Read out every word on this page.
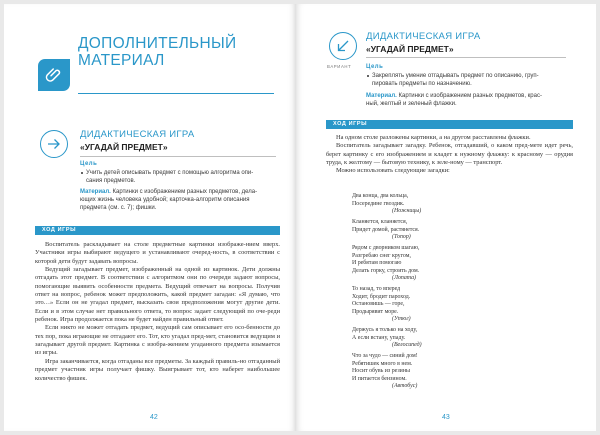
ДОПОЛНИТЕЛЬНЫЙ
МАТЕРИАЛ
ДИДАКТИЧЕСКАЯ ИГРА
«УГАДАЙ ПРЕДМЕТ»
Цель
Учить детей описывать предмет с помощью алгоритма опи-
сания предметов.
Материал. Картинки с изображением разных предметов, дела-
ющих жизнь человека удобной; карточка-алгоритм описания
предмета (см. с. 7); фишки.
ХОД ИГРЫ

Воспитатель раскладывает на столе предметные картинки изображе-нием вверх. Участники игры выбирают ведущего и устанавливают очеред-ность, в соответствии с которой дети будут задавать вопросы.

Ведущий загадывает предмет, изображенный на одной из картинок. Дети должны отгадать этот предмет. В соответствии с алгоритмом они по очереди задают вопросы, помогающие выявить особенности предмета. Ведущий отвечает на вопросы. Получив ответ на вопрос, ребенок может предположить, какой предмет загадан: «Я думаю, что это…» Если он не угадал предмет, высказать свои предположения могут другие дети. Если и в этом случае нет правильного ответа, то вопрос задает следующий по оче-реди ребенок. Игра продолжается пока не будет найден правильный ответ.

Если никто не может отгадать предмет, ведущий сам описывает его осо-бенности до тех пор, пока играющие не отгадают его. Тот, кто угадал пред-мет, становится ведущим и загадывает другой предмет. Картинка с изобра-жением угаданного предмета изымается из игры.

Игра заканчивается, когда отгаданы все предметы. За каждый правиль-но отгаданный предмет участник игры получает фишку. Выигрывает тот, кто наберет наибольшее количество фишек.

42
ВАРИАНТ
ДИДАКТИЧЕСКАЯ ИГРА
«УГАДАЙ ПРЕДМЕТ»
Цель
Закреплять умение отгадывать предмет по описанию, груп-
пировать предметы по назначению.
Материал. Картинки с изображением разных предметов, крас-
ный, желтый и зеленый флажки.
ХОД ИГРЫ

На одном столе разложены картинки, а на другом расставлены флажки.

Воспитатель загадывает загадку. Ребенок, отгадавший, о каком пред-мете идет речь, берет картинку с его изображением и кладет к нужному флажку: к красному — орудия труда, к желтому — бытовую технику, к зеле-ному — транспорт.

Можно использовать следующие загадки:

Два конца, два кольца,
Посередине гвоздик.
(Ножницы)
Кланяется, кланяется,
Придет домой, растянется.
(Топор)
Рядом с дворником шагаю,
Разгребаю снег кругом,
И ребятам помогаю
Делать горку, строить дом.
(Лопата)
То назад, то вперед
Ходит, бродит пароход.
Остановишь — горе,
Продырявит море.
(Утюг)
Держусь я только на ходу,
А если встану, упаду.
(Велосипед)
Что за чудо — синий дом!
Ребятишек много в нем.
Носит обувь из резины
И питается бензином.
(Автобус)
43
